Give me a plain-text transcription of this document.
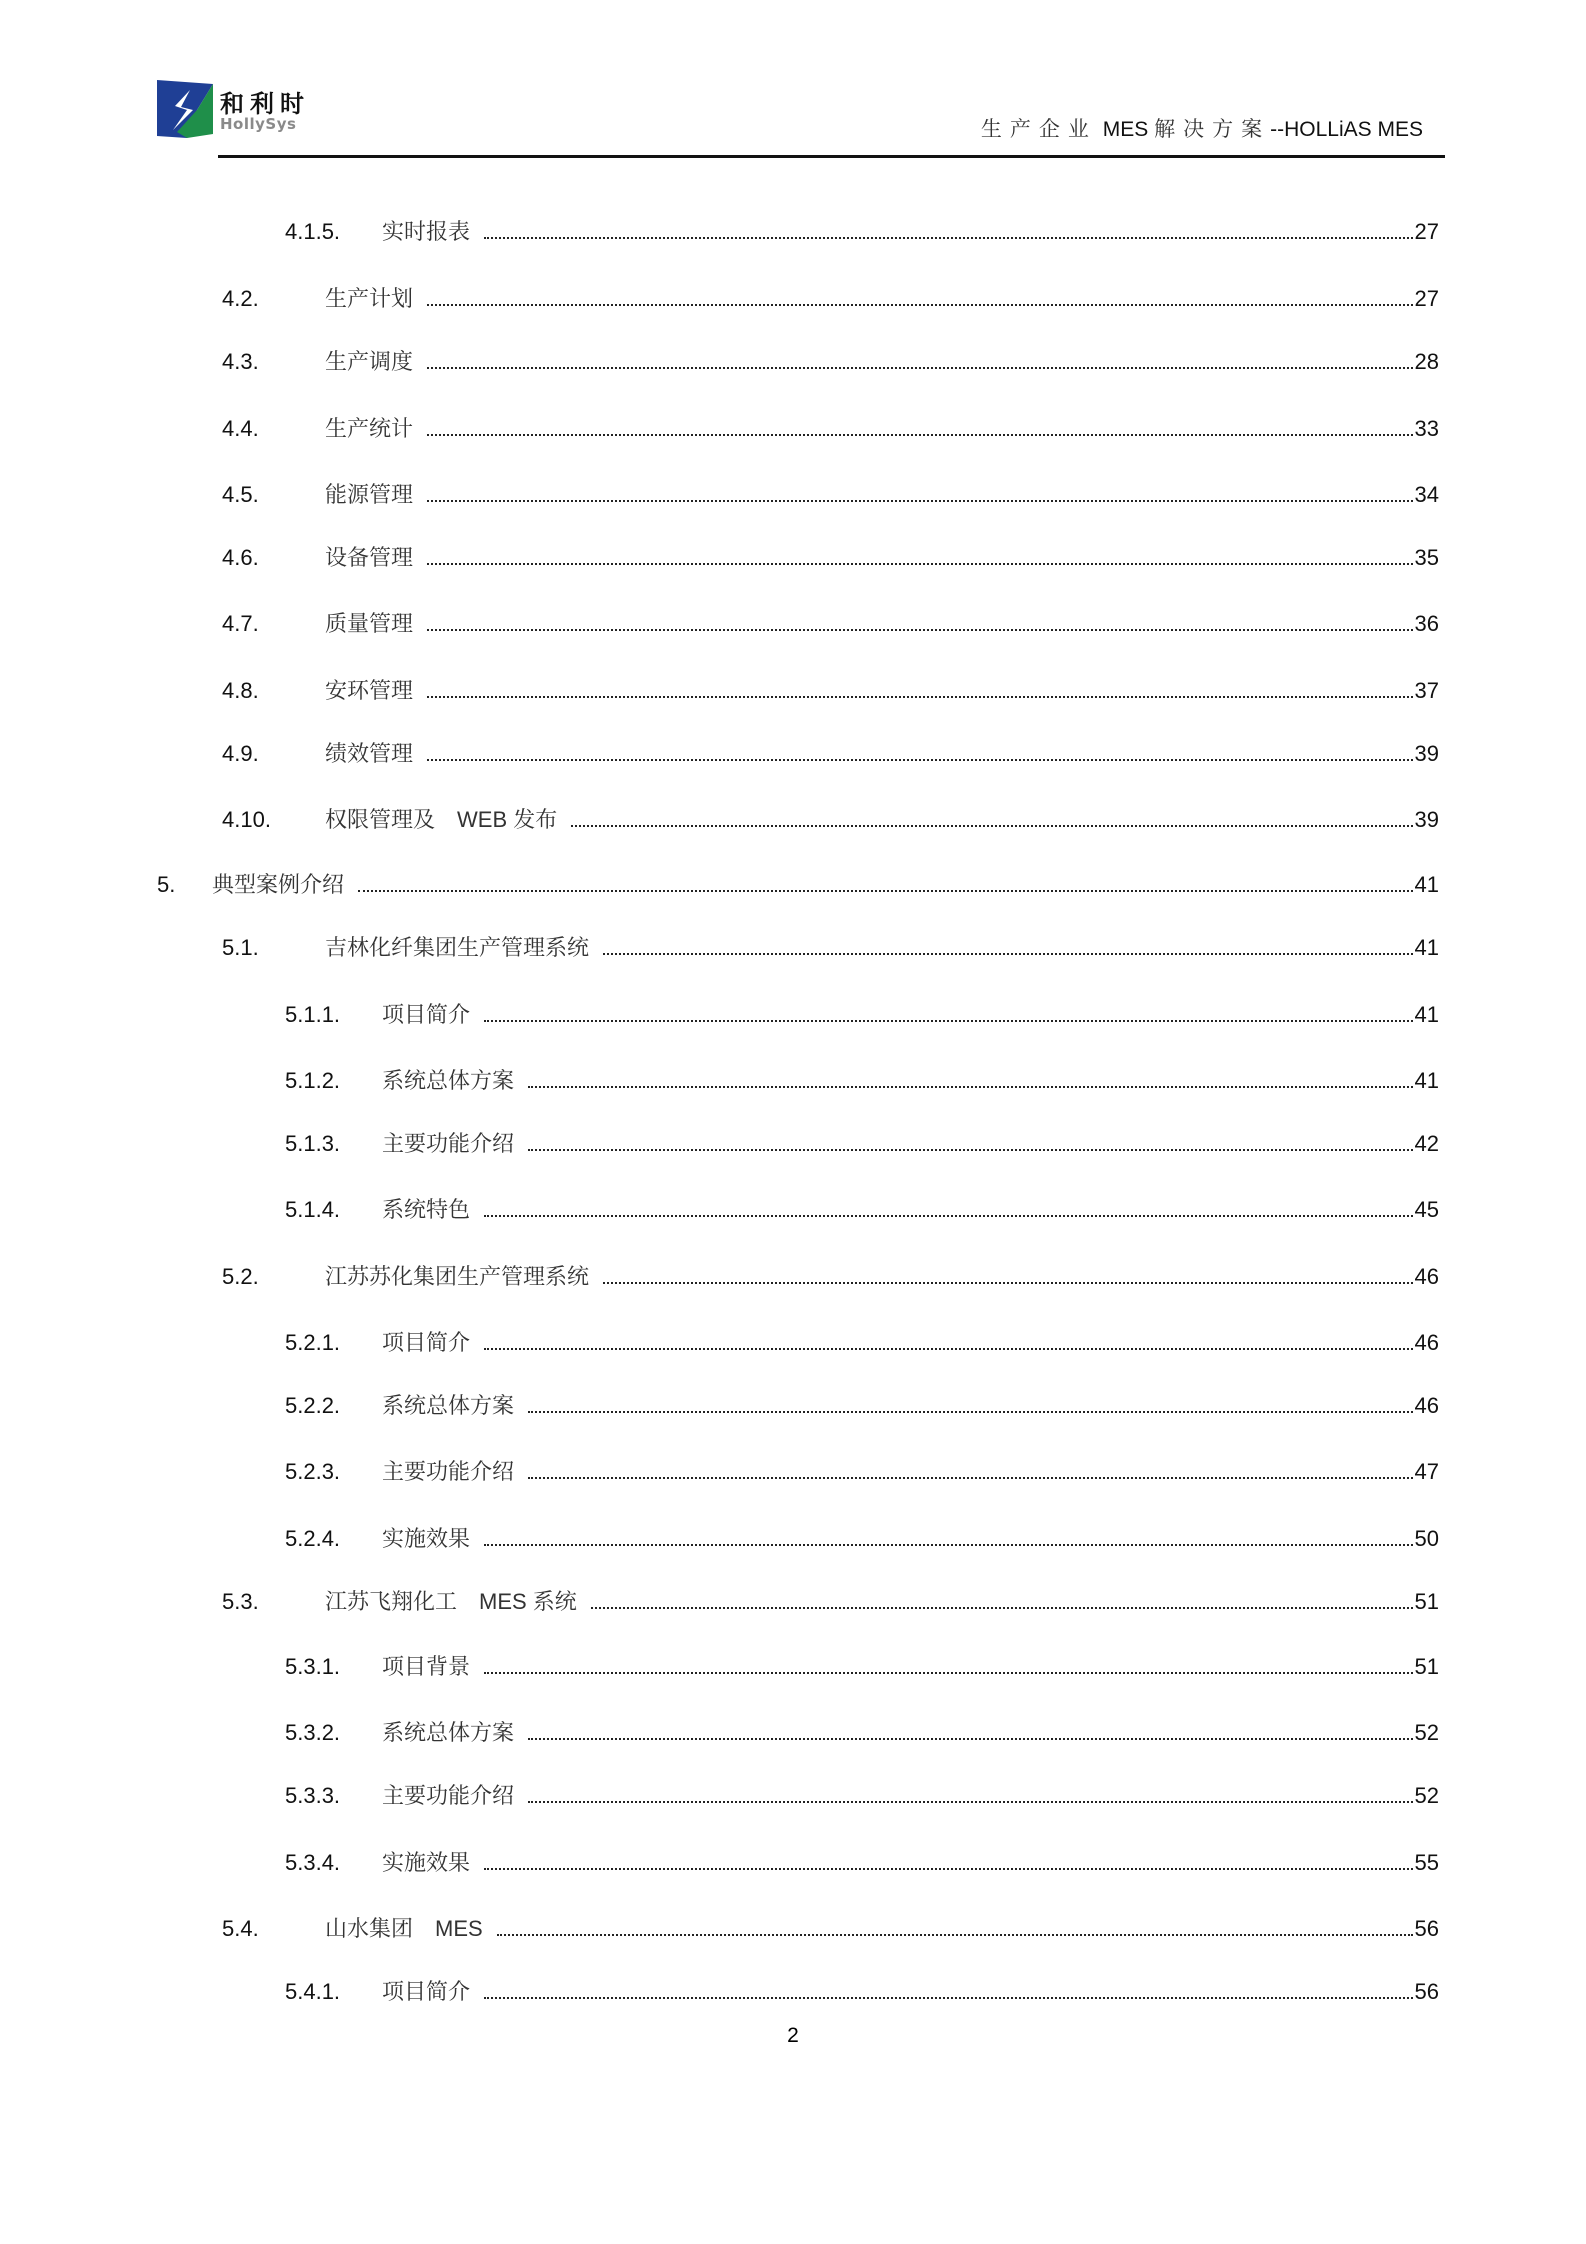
和利时
HollySys	生产企业 MES 解决方案--HOLLiAS MES
4.1.5. 实时报表	27
4.2.	生产计划	27
4.3.	生产调度	28
4.4.	生产统计	33
4.5.	能源管理	34
4.6.	设备管理	35
4.7.	质量管理	36
4.8.	安环管理	37
4.9.	绩效管理	39
4.10. 权限管理及　WEB 发布	39
5. 典型案例介绍	41
5.1.	吉林化纤集团生产管理系统	41
5.1.1. 项目简介	41
5.1.2. 系统总体方案	41
5.1.3. 主要功能介绍	42
5.1.4. 系统特色	45
5.2.	江苏苏化集团生产管理系统	46
5.2.1. 项目简介	46
5.2.2. 系统总体方案	46
5.2.3. 主要功能介绍	47
5.2.4. 实施效果	50
5.3.	江苏飞翔化工　MES 系统	51
5.3.1. 项目背景	51
5.3.2. 系统总体方案	52
5.3.3. 主要功能介绍	52
5.3.4. 实施效果	55
5.4.	山水集团　MES	56
5.4.1. 项目简介	56
2
